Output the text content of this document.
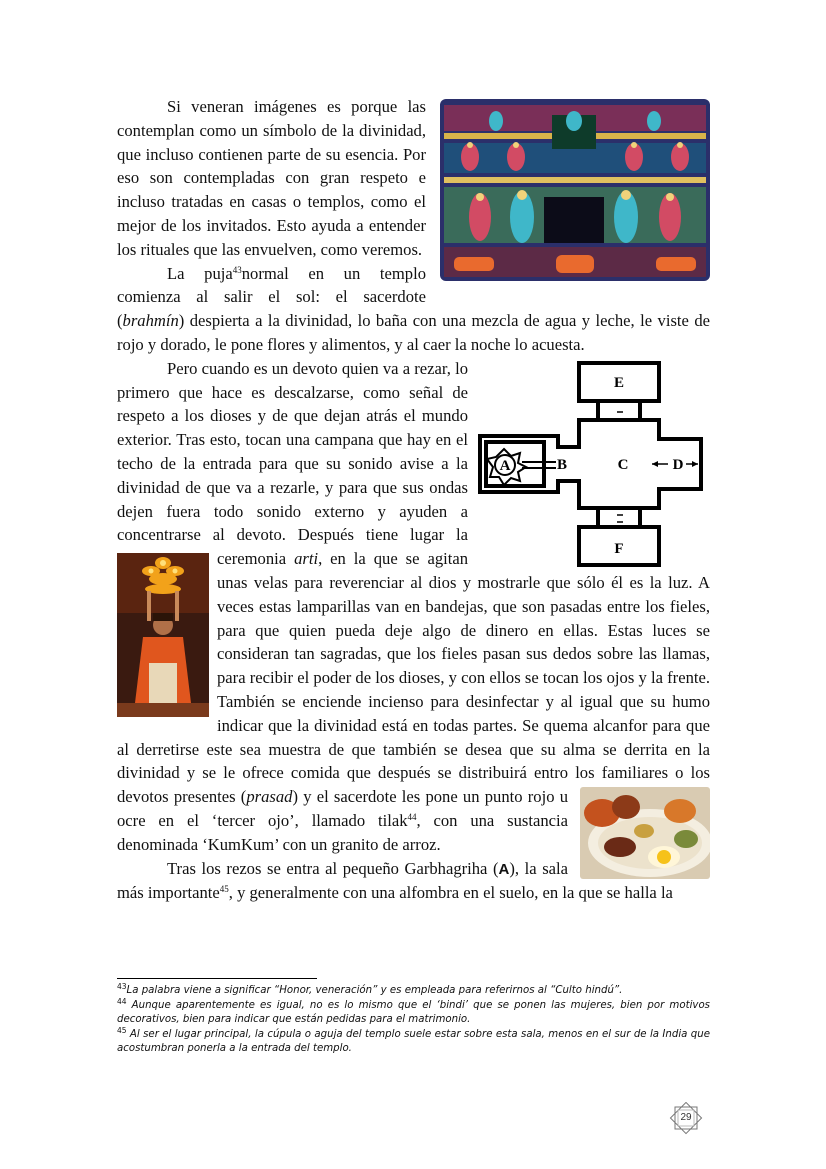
Si veneran imágenes es porque las contemplan como un símbolo de la divinidad, que incluso contienen parte de su esencia. Por eso son contempladas con gran respeto e incluso tratadas en casas o templos, como el mejor de los invitados. Esto ayuda a entender los rituales que las envuelven, como veremos.

La puja$^{43}$normal en un templo comienza al salir el sol: el sacerdote (brahmín) despierta a la divinidad, lo baña con una mezcla de agua y leche, le viste de rojo y dorado, le pone flores y alimentos, y al caer la noche lo acuesta.

A	B	C	D
E
F
Pero cuando es un devoto quien va a rezar, lo primero que hace es descalzarse, como señal de respeto a los dioses y de que dejan atrás el mundo exterior. Tras esto, tocan una campana que hay en el techo de la entrada para que su sonido avise a la divinidad de que va a rezarle, y para que sus ondas dejen fuera todo sonido externo y ayuden a concentrarse al devoto. Después tiene lugar la ceremonia arti
, en la que se agitan unas velas para reverenciar al dios y mostrarle que sólo él es la luz. A veces estas lamparillas van en bandejas, que son pasadas entre los fieles, para que quien pueda deje algo de dinero en ellas. Estas luces se consideran tan sagradas, que los fieles pasan sus dedos sobre las llamas, para recibir el poder de los dioses, y con ellos se tocan los ojos y la frente. También se enciende incienso para desinfectar y al igual que su humo indicar que la divinidad está en todas partes. Se quema alcanfor para que al derretirse este sea muestra de que también se desea que su alma se derrita en la divinidad y se le ofrece comida que después se distribuirá entro los familiares o los devotos presentes (
prasad) y el sacerdote les pone un punto rojo u ocre en el ‘tercer ojo’, llamado tilak$^{44}$, con una sustancia denominada ‘KumKum’ con un granito de arroz.

Tras los rezos se entra al pequeño Garbhagriha (A), la sala más importante$^{45}$, y generalmente con una alfombra en el suelo, en la que se halla la

$^{43}$La palabra viene a significar “Honor, veneración” y es empleada para referirnos al “Culto hindú”.

$^{44}$ Aunque aparentemente es igual, no es lo mismo que el ‘bindi’ que se ponen las mujeres, bien por motivos decorativos, bien para indicar que están pedidas para el matrimonio.

$^{45}$ Al ser el lugar principal, la cúpula o aguja del templo suele estar sobre esta sala, menos en el sur de la India que acostumbran ponerla a la entrada del templo.

29
